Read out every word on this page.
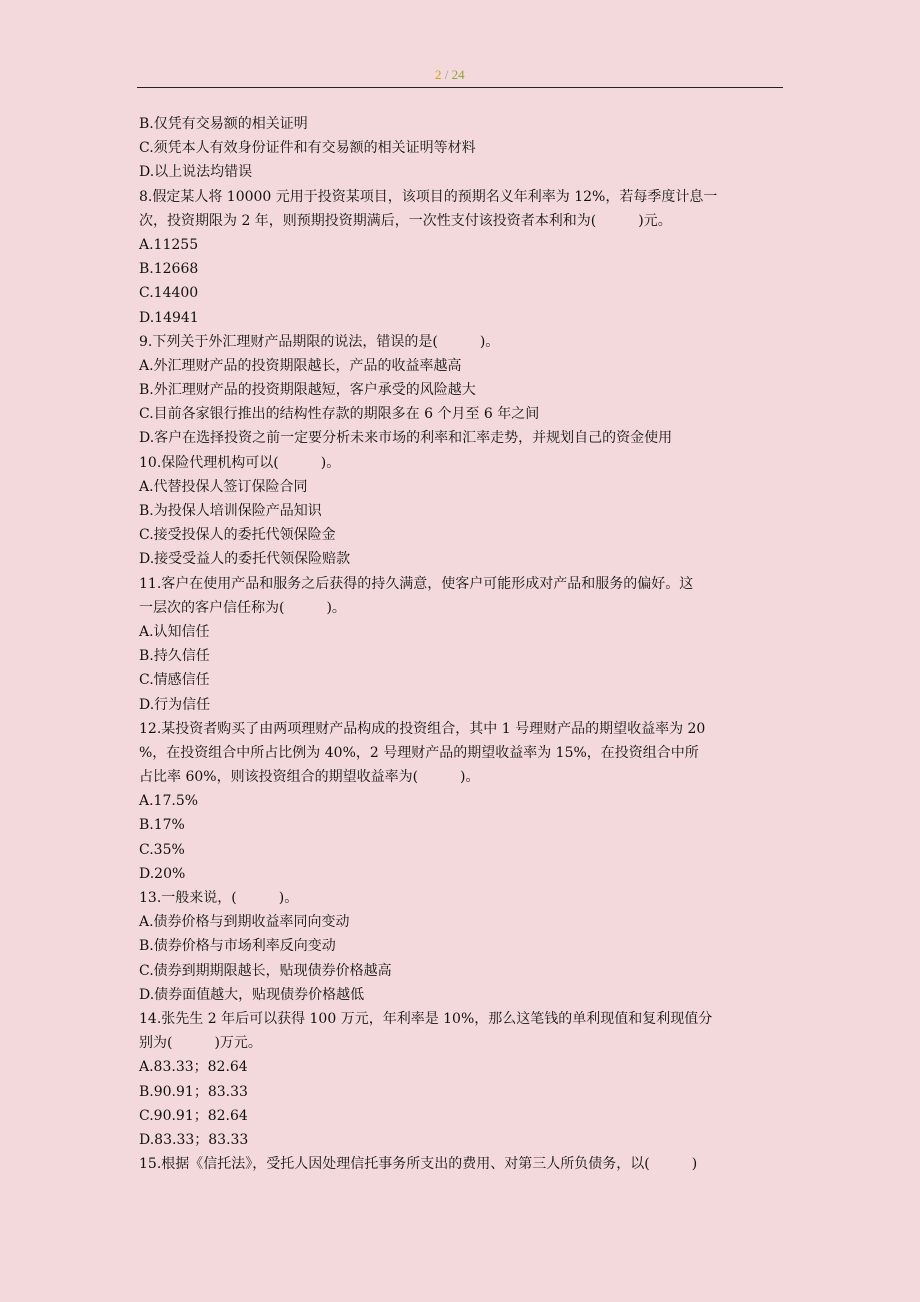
2 / 24
B.仅凭有交易额的相关证明
C.须凭本人有效身份证件和有交易额的相关证明等材料
D.以上说法均错误
8.假定某人将 10000 元用于投资某项目，该项目的预期名义年利率为 12%，若每季度计息一
次，投资期限为 2 年，则预期投资期满后，一次性支付该投资者本利和为(　　　)元。
A.11255
B.12668
C.14400
D.14941
9.下列关于外汇理财产品期限的说法，错误的是(　　　)。
A.外汇理财产品的投资期限越长，产品的收益率越高
B.外汇理财产品的投资期限越短，客户承受的风险越大
C.目前各家银行推出的结构性存款的期限多在 6 个月至 6 年之间
D.客户在选择投资之前一定要分析未来市场的利率和汇率走势，并规划自己的资金使用
10.保险代理机构可以(　　　)。
A.代替投保人签订保险合同
B.为投保人培训保险产品知识
C.接受投保人的委托代领保险金
D.接受受益人的委托代领保险赔款
11.客户在使用产品和服务之后获得的持久满意，使客户可能形成对产品和服务的偏好。这
一层次的客户信任称为(　　　)。
A.认知信任
B.持久信任
C.情感信任
D.行为信任
12.某投资者购买了由两项理财产品构成的投资组合，其中 1 号理财产品的期望收益率为 20
%，在投资组合中所占比例为 40%，2 号理财产品的期望收益率为 15%，在投资组合中所
占比率 60%，则该投资组合的期望收益率为(　　　)。
A.17.5%
B.17%
C.35%
D.20%
13.一般来说，(　　　)。
A.债券价格与到期收益率同向变动
B.债券价格与市场利率反向变动
C.债券到期期限越长，贴现债券价格越高
D.债券面值越大，贴现债券价格越低
14.张先生 2 年后可以获得 100 万元，年利率是 10%，那么这笔钱的单利现值和复利现值分
别为(　　　)万元。
A.83.33；82.64
B.90.91；83.33
C.90.91；82.64
D.83.33；83.33
15.根据《信托法》，受托人因处理信托事务所支出的费用、对第三人所负债务，以(　　　)
